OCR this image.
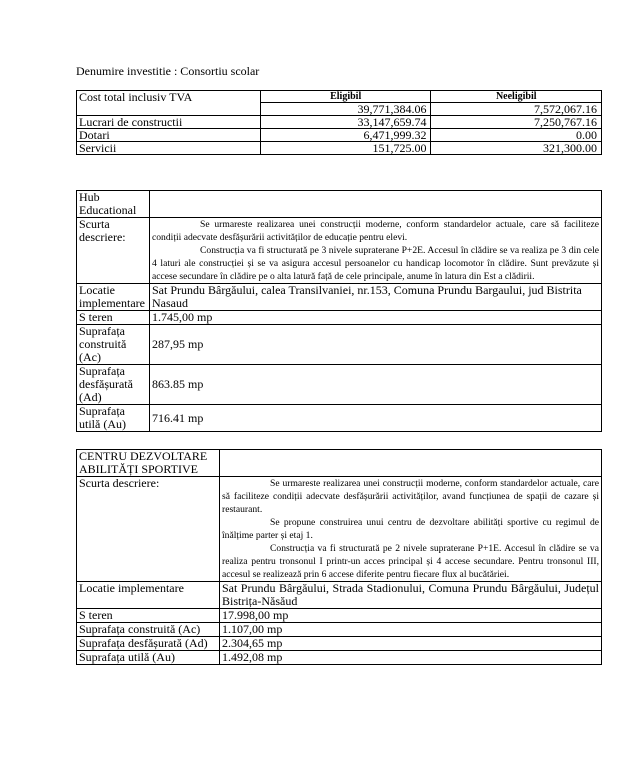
Denumire investitie : Consortiu scolar
Cost total inclusiv TVA	Eligibil	Neeligibil
	39,771,384.06	7,572,067.16
Lucrari de constructii	33,147,659.74	7,250,767.16
Dotari	6,471,999.32	0.00
Servicii	151,725.00	321,300.00
Hub Educational	
Scurta descriere:	Se urmareste realizarea unei construcții moderne, conform standardelor actuale, care să faciliteze condiții adecvate desfășurării activităților de educație pentru elevi.

Construcția va fi structurată pe 3 nivele supraterane P+2E. Accesul în clădire se va realiza pe 3 din cele 4 laturi ale construcției și se va asigura accesul persoanelor cu handicap locomotor în clădire. Sunt prevăzute și accese secundare în clădire pe o alta latură față de cele principale, anume în latura din Est a clădirii.

Locatie implementare	Sat Prundu Bârgăului, calea Transilvaniei, nr.153, Comuna Prundu Bargaului, jud Bistrita Nasaud
S teren	1.745,00 mp
Suprafața construită (Ac)	287,95 mp
Suprafața desfășurată (Ad)	863.85 mp
Suprafața utilă (Au)	716.41 mp
CENTRU DEZVOLTARE ABILITĂȚI SPORTIVE	
Scurta descriere:	Se urmareste realizarea unei construcții moderne, conform standardelor actuale, care să faciliteze condiții adecvate desfășurării activităților, avand funcțiunea de spații de cazare și restaurant.

Se propune construirea unui centru de dezvoltare abilități sportive cu regimul de înălțime parter și etaj 1.

Construcția va fi structurată pe 2 nivele supraterane P+1E. Accesul în clădire se va realiza pentru tronsonul I printr-un acces principal și 4 accese secundare. Pentru tronsonul III, accesul se realizează prin 6 accese diferite pentru fiecare flux al bucătăriei.

Locatie implementare	Sat Prundu Bârgăului, Strada Stadionului, Comuna Prundu Bârgăului, Județul Bistrița-Năsăud
S teren	17.998,00 mp
Suprafața construită (Ac)	1.107,00 mp
Suprafața desfășurată (Ad)	2.304,65 mp
Suprafața utilă (Au)	1.492,08 mp
